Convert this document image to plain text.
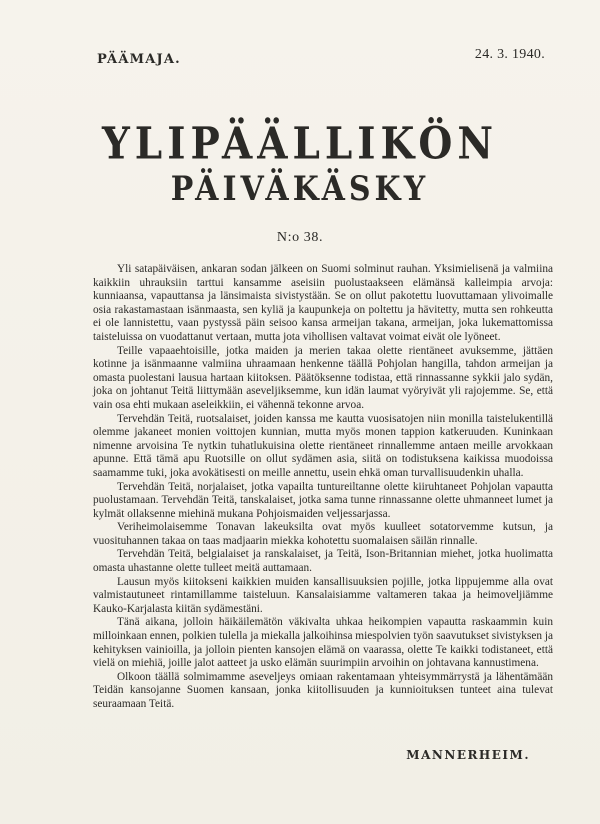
PÄÄMAJA.	24. 3. 1940.
YLIPÄÄLLIKÖN
PÄIVÄKÄSKY
N:o 38.

Yli satapäiväisen, ankaran sodan jälkeen on Suomi solminut rauhan. Yksimielisenä ja valmiina kaikkiin uhrauksiin tarttui kansamme aseisiin puolustaakseen elämänsä kalleimpia arvoja: kunniaansa, vapauttansa ja länsimaista sivistystään. Se on ollut pakotettu luovuttamaan ylivoimalle osia rakastamastaan isänmaasta, sen kyliä ja kaupunkeja on poltettu ja hävitetty, mutta sen rohkeutta ei ole lannistettu, vaan pystyssä päin seisoo kansa armeijan takana, armeijan, joka lukemattomissa taisteluissa on vuodattanut vertaan, mutta jota vihollisen valtavat voimat eivät ole lyöneet.

Teille vapaaehtoisille, jotka maiden ja merien takaa olette rientäneet avuksemme, jättäen kotinne ja isänmaanne valmiina uhraamaan henkenne täällä Pohjolan hangilla, tahdon armeijan ja omasta puolestani lausua hartaan kiitoksen. Päätöksenne todistaa, että rinnassanne sykkii jalo sydän, joka on johtanut Teitä liittymään aseveljiksemme, kun idän laumat vyöryivät yli rajojemme. Se, että vain osa ehti mukaan aseleikkiin, ei vähennä tekonne arvoa.

Tervehdän Teitä, ruotsalaiset, joiden kanssa me kautta vuosisatojen niin monilla taistelukentillä olemme jakaneet monien voittojen kunnian, mutta myös monen tappion katkeruuden. Kuninkaan nimenne arvoisina Te nytkin tuhatlukuisina olette rientäneet rinnallemme antaen meille arvokkaan apunne. Että tämä apu Ruotsille on ollut sydämen asia, siitä on todistuksena kaikissa muodoissa saamamme tuki, joka avokätisesti on meille annettu, usein ehkä oman turvallisuudenkin uhalla.

Tervehdän Teitä, norjalaiset, jotka vapailta tuntureiltanne olette kiiruhtaneet Pohjolan vapautta puolustamaan. Tervehdän Teitä, tanskalaiset, jotka sama tunne rinnassanne olette uhmanneet lumet ja kylmät ollaksenne miehinä mukana Pohjoismaiden veljessarjassa.

Veriheimolaisemme Tonavan lakeuksilta ovat myös kuulleet sotatorvemme kutsun, ja vuosituhannen takaa on taas madjaarin miekka kohotettu suomalaisen säilän rinnalle.

Tervehdän Teitä, belgialaiset ja ranskalaiset, ja Teitä, Ison-Britannian miehet, jotka huolimatta omasta uhastanne olette tulleet meitä auttamaan.

Lausun myös kiitokseni kaikkien muiden kansallisuuksien pojille, jotka lippujemme alla ovat valmistautuneet rintamillamme taisteluun. Kansalaisiamme valtameren takaa ja heimoveljiämme Kauko-Karjalasta kiitän sydämestäni.

Tänä aikana, jolloin häikäilemätön väkivalta uhkaa heikompien vapautta raskaammin kuin milloinkaan ennen, polkien tulella ja miekalla jalkoihinsa miespolvien työn saavutukset sivistyksen ja kehityksen vainioilla, ja jolloin pienten kansojen elämä on vaarassa, olette Te kaikki todistaneet, että vielä on miehiä, joille jalot aatteet ja usko elämän suurimpiin arvoihin on johtavana kannustimena.

Olkoon täällä solmimamme aseveljeys omiaan rakentamaan yhteisymmärrystä ja lähentämään Teidän kansojanne Suomen kansaan, jonka kiitollisuuden ja kunnioituksen tunteet aina tulevat seuraamaan Teitä.

MANNERHEIM.
